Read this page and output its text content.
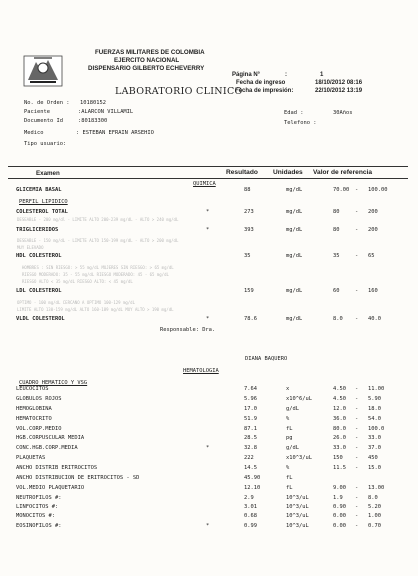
FUERZAS MILITARES DE COLOMBIA
EJERCITO NACIONAL
DISPENSARIO GILBERTO ECHEVERRY
Página N°	:	1
Fecha de ingreso	18/10/2012 08:16
Fecha de impresión:	22/10/2012 13:19
LABORATORIO CLINICO
No. de Orden : 10180152
Paciente	:ALARCON VILLAMIL
Documento Id	:80183300
Medico	: ESTEBAN EFRAIN ARSEHIO
Tipo usuario:
Edad :	30Años
Telefono :
Examen	Resultado Unidades Valor de referencia
QUIMICA
PERFIL LIPIDICO
GLICEMIA BASAL	88	mg/dL	70.00 - 100.00
COLESTEROL TOTAL	*	273	mg/dL	80	- 200
TRIGLICERIDOS	*	393	mg/dL	80	- 200
HDL COLESTEROL	35	mg/dL	35	- 65
LDL COLESTEROL	159	mg/dL	60	- 160
VLDL COLESTEROL	*	78.6	mg/dL	8.0 - 40.0
DESEABLE - 200 mg/dl - LIMITE ALTO 200-239 mg/dL - ALTO > 240 mg/dL
DESEABLE - 150 mg/dL - LIMITE ALTO 150-199 mg/dL - ALTO > 200 mg/dL
MUY ELEVADO
HOMBRES : SIN RIESGO: > 55 mg/dL MUJERES SIN RIESGO: > 65 mg/dL
RIESGO MODERADO: 35 - 55 mg/dL RIESGO MODERADO: 45 - 65 mg/dL
RIESGO ALTO < 35 mg/dL RIESGO ALTO: < 45 mg/dL
OPTIMO - 100 mg/dL CERCANO A OPTIMO 100-129 mg/dL
LIMITE ALTO 130-159 mg/dL ALTO 160-189 mg/dL MUY ALTO > 190 mg/dL
Responsable: Dra.
DIANA BAQUERO
HEMATOLOGIA
CUADRO HEMATICO Y VSG
LEUCOCITOS	7.64	x	4.50 - 11.00
GLOBULOS ROJOS	5.96	x10^6/uL	4.50 - 5.90
HEMOGLOBINA	17.0	g/dL	12.0 - 18.0
HEMATOCRITO	51.9	%	36.0 - 54.0
VOL.CORP.MEDIO	87.1	fL	80.0 - 100.0
HGB.CORPUSCULAR MEDIA	28.5	pg	26.0 - 33.0
CONC.HGB.CORP.MEDIA	*	32.8	g/dL	33.0 - 37.0
PLAQUETAS	222	x10^3/uL	150 - 450
ANCHO DISTRIB ERITROCITOS	14.5	%	11.5 - 15.0
ANCHO DISTRIBUCION DE ERITROCITOS - SD	45.90	fL
VOL.MEDIO PLAQUETARIO	12.10	fL	9.00 - 13.00
NEUTROFILOS #:	2.9	10^3/uL	1.9 - 8.0
LINFOCITOS #:	3.01	10^3/uL	0.90 - 5.20
MONOCITOS #:	0.68	10^3/uL	0.00 - 1.00
EOSINOFILOS #:	*	0.99	10^3/uL	0.00 - 0.70
